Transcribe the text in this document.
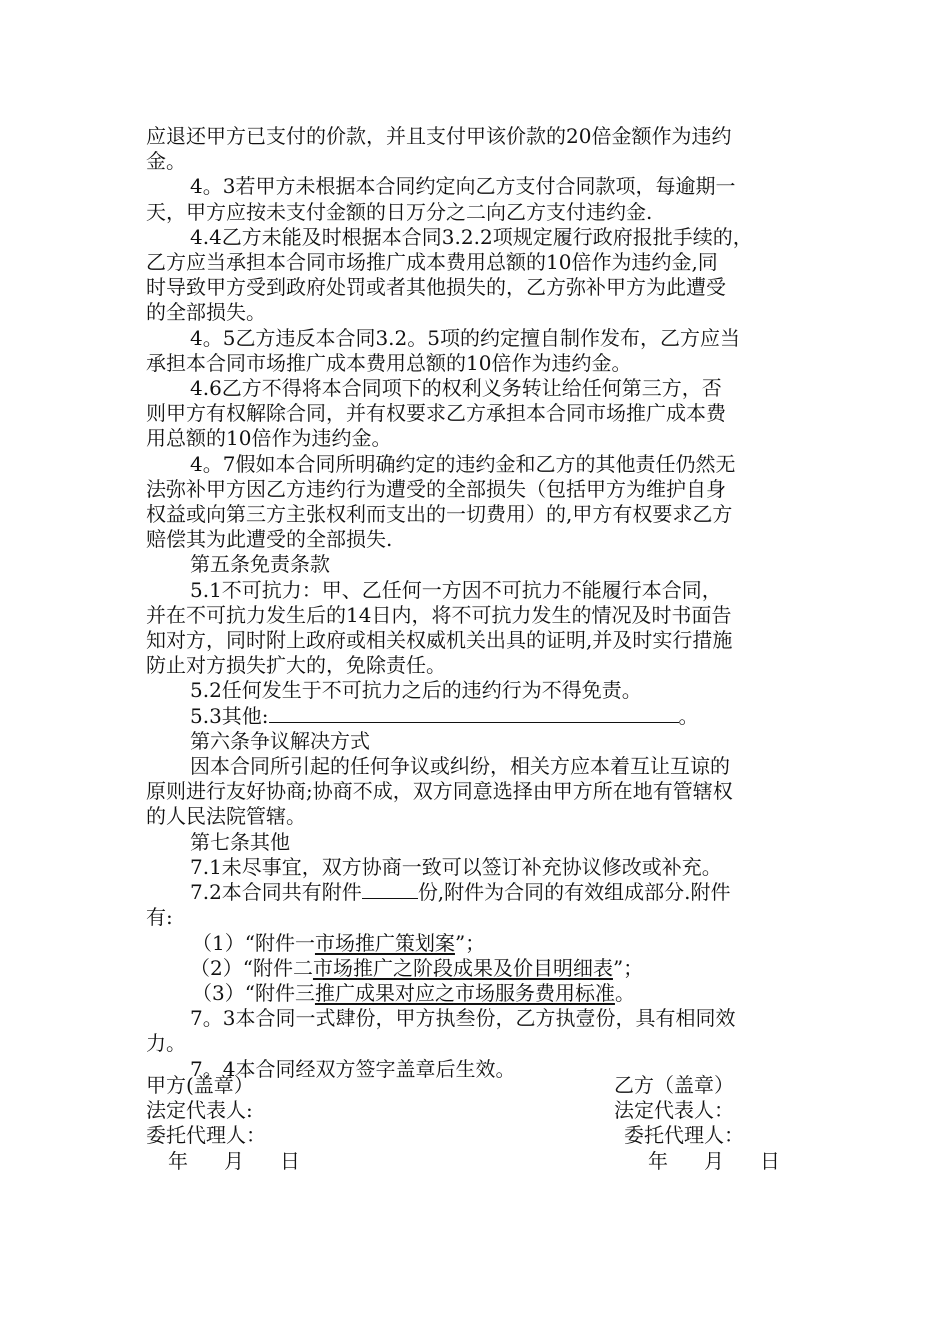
应退还甲方已支付的价款，并且支付甲该价款的20倍金额作为违约
金。
4。3若甲方未根据本合同约定向乙方支付合同款项，每逾期一
天，甲方应按未支付金额的日万分之二向乙方支付违约金.
4.4乙方未能及时根据本合同3.2.2项规定履行政府报批手续的，
乙方应当承担本合同市场推广成本费用总额的10倍作为违约金,同
时导致甲方受到政府处罚或者其他损失的，乙方弥补甲方为此遭受
的全部损失。
4。5乙方违反本合同3.2。5项的约定擅自制作发布，乙方应当
承担本合同市场推广成本费用总额的10倍作为违约金。
4.6乙方不得将本合同项下的权利义务转让给任何第三方，否
则甲方有权解除合同，并有权要求乙方承担本合同市场推广成本费
用总额的10倍作为违约金。
4。7假如本合同所明确约定的违约金和乙方的其他责任仍然无
法弥补甲方因乙方违约行为遭受的全部损失（包括甲方为维护自身
权益或向第三方主张权利而支出的一切费用）的,甲方有权要求乙方
赔偿其为此遭受的全部损失.
第五条免责条款
5.1不可抗力：甲、乙任何一方因不可抗力不能履行本合同，
并在不可抗力发生后的14日内，将不可抗力发生的情况及时书面告
知对方，同时附上政府或相关权威机关出具的证明,并及时实行措施
防止对方损失扩大的，免除责任。
5.2任何发生于不可抗力之后的违约行为不得免责。
5.3其他:	。
第六条争议解决方式
因本合同所引起的任何争议或纠纷，相关方应本着互让互谅的
原则进行友好协商;协商不成，双方同意选择由甲方所在地有管辖权
的人民法院管辖。
第七条其他
7.1未尽事宜，双方协商一致可以签订补充协议修改或补充。
7.2本合同共有附件	份,附件为合同的有效组成部分.附件
有:
（1）“附件一市场推广策划案”；
（2）“附件二市场推广之阶段成果及价目明细表”；
（3）“附件三推广成果对应之市场服务费用标准。
7。3本合同一式肆份，甲方执叁份，乙方执壹份，具有相同效
力。
7。4本合同经双方签字盖章后生效。
甲方(盖章）	乙方（盖章）
法定代表人:	法定代表人：
委托代理人：	委托代理人：
年 月 日	年 月 日
